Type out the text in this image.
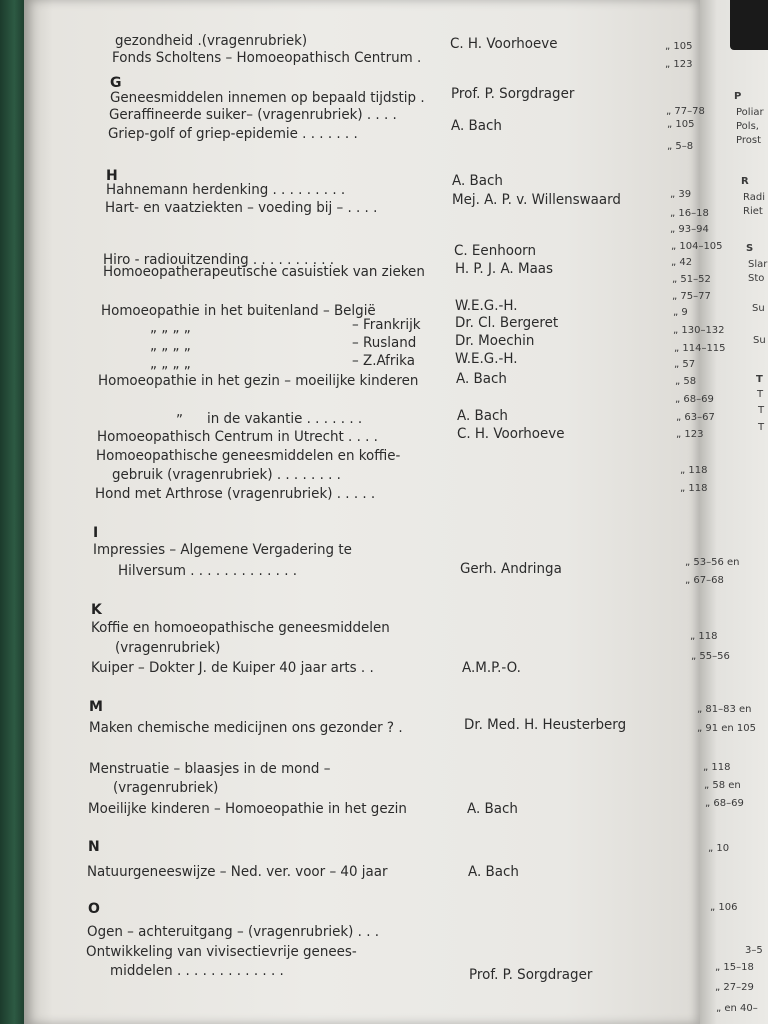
gezondheid .(vragenrubriek)
Fonds Scholtens – Homoeopathisch Centrum .
G
Geneesmiddelen innemen op bepaald tijdstip .
Geraffineerde suiker– (vragenrubriek) . . . .
Griep-golf of griep-epidemie . . . . . . .
H
Hahnemann herdenking . . . . . . . . .
Hart- en vaatziekten – voeding bij – . . . .
Hiro - radiouitzending . . . . . . . . . .
Homoeopatherapeutische casuistiek van zieken
Homoeopathie in het buitenland – België
– Frankrijk
– Rusland
– Z.Afrika
Homoeopathie in het gezin – moeilijke kinderen
in de vakantie . . . . . . .
Homoeopathisch Centrum in Utrecht . . . .
Homoeopathische geneesmiddelen en koffie-
gebruik (vragenrubriek) . . . . . . . .
Hond met Arthrose (vragenrubriek) . . . . .
I
Impressies – Algemene Vergadering te
Hilversum . . . . . . . . . . . . .
K
Koffie en homoeopathische geneesmiddelen
(vragenrubriek)
Kuiper – Dokter J. de Kuiper 40 jaar arts . .
M
Maken chemische medicijnen ons gezonder ? .
Menstruatie – blaasjes in de mond –
(vragenrubriek)
Moeilijke kinderen – Homoeopathie in het gezin
N
Natuurgeneeswijze – Ned. ver. voor – 40 jaar
O
Ogen – achteruitgang – (vragenrubriek) . . .
Ontwikkeling van vivisectievrije genees-
middelen . . . . . . . . . . . . .
C. H. Voorhoeve
Prof. P. Sorgdrager
A. Bach
A. Bach
Mej. A. P. v. Willenswaard
C. Eenhoorn
H. P. J. A. Maas
W.E.G.-H.
Dr. Cl. Bergeret
Dr. Moechin
W.E.G.-H.
A. Bach
A. Bach
C. H. Voorhoeve
Gerh. Andringa
A.M.P.-O.
Dr. Med. H. Heusterberg
A. Bach
A. Bach
Prof. P. Sorgdrager
„ „ „ „
„ „ „ „
„ „ „ „
„
„ 105
„ 123
„ 77–78
„ 105
„ 5–8
„ 39
„ 16–18
„ 93–94
„ 104–105
„ 42
„ 51–52
„ 75–77
„ 9
„ 130–132
„ 114–115
„ 57
„ 58
„ 68–69
„ 63–67
„ 123
„ 118
„ 118
„ 53–56 en
„ 67–68
„ 118
„ 55–56
„ 81–83 en
„ 91 en 105
„ 118
„ 58 en
„ 68–69
„ 10
„ 106
3–5
„ 15–18
„ 27–29
„ en 40–
P
R
S
T
Poliar
Pols,
Prost
Radi
Riet
Slar
Sto
Su
Su
T
T
T
